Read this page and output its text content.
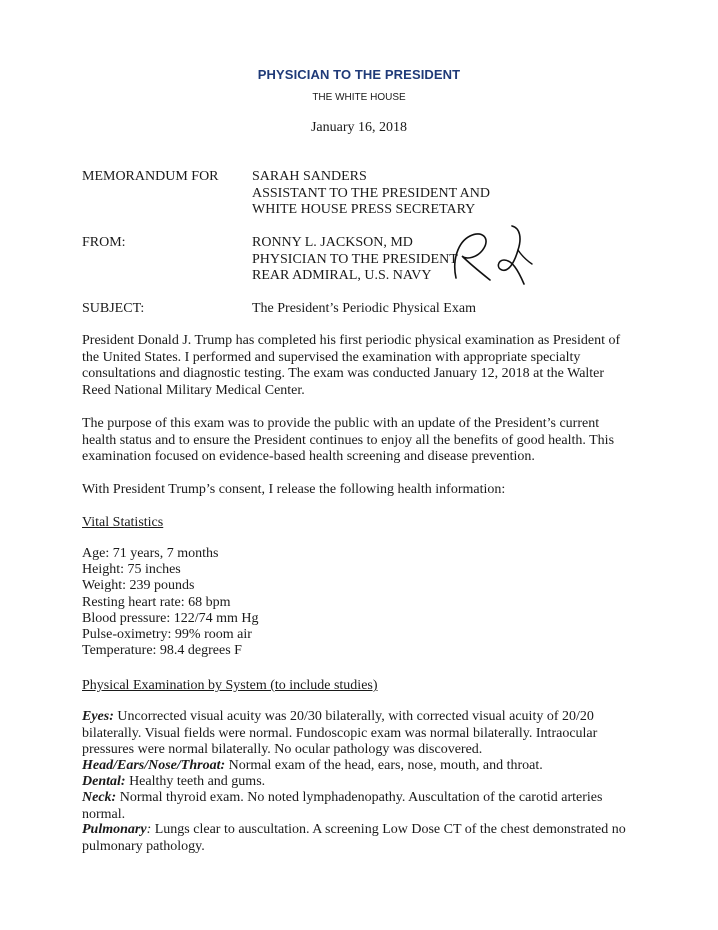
PHYSICIAN TO THE PRESIDENT
THE WHITE HOUSE
January 16, 2018
MEMORANDUM FOR SARAH SANDERS
ASSISTANT TO THE PRESIDENT AND
WHITE HOUSE PRESS SECRETARY
FROM:	RONNY L. JACKSON, MD
PHYSICIAN TO THE PRESIDENT
REAR ADMIRAL, U.S. NAVY
SUBJECT:	The President’s Periodic Physical Exam

President Donald J. Trump has completed his first periodic physical examination as President of the United States. I performed and supervised the examination with appropriate specialty consultations and diagnostic testing. The exam was conducted January 12, 2018 at the Walter Reed National Military Medical Center.

The purpose of this exam was to provide the public with an update of the President’s current health status and to ensure the President continues to enjoy all the benefits of good health. This examination focused on evidence-based health screening and disease prevention.

With President Trump’s consent, I release the following health information:

Vital Statistics

Age: 71 years, 7 months
Height: 75 inches
Weight: 239 pounds
Resting heart rate: 68 bpm
Blood pressure: 122/74 mm Hg
Pulse-oximetry: 99% room air
Temperature: 98.4 degrees F

Physical Examination by System (to include studies)

Eyes: Uncorrected visual acuity was 20/30 bilaterally, with corrected visual acuity of 20/20 bilaterally. Visual fields were normal. Fundoscopic exam was normal bilaterally. Intraocular pressures were normal bilaterally. No ocular pathology was discovered.

Head/Ears/Nose/Throat: Normal exam of the head, ears, nose, mouth, and throat.

Dental: Healthy teeth and gums.

Neck: Normal thyroid exam. No noted lymphadenopathy. Auscultation of the carotid arteries normal.

Pulmonary: Lungs clear to auscultation. A screening Low Dose CT of the chest demonstrated no pulmonary pathology.
